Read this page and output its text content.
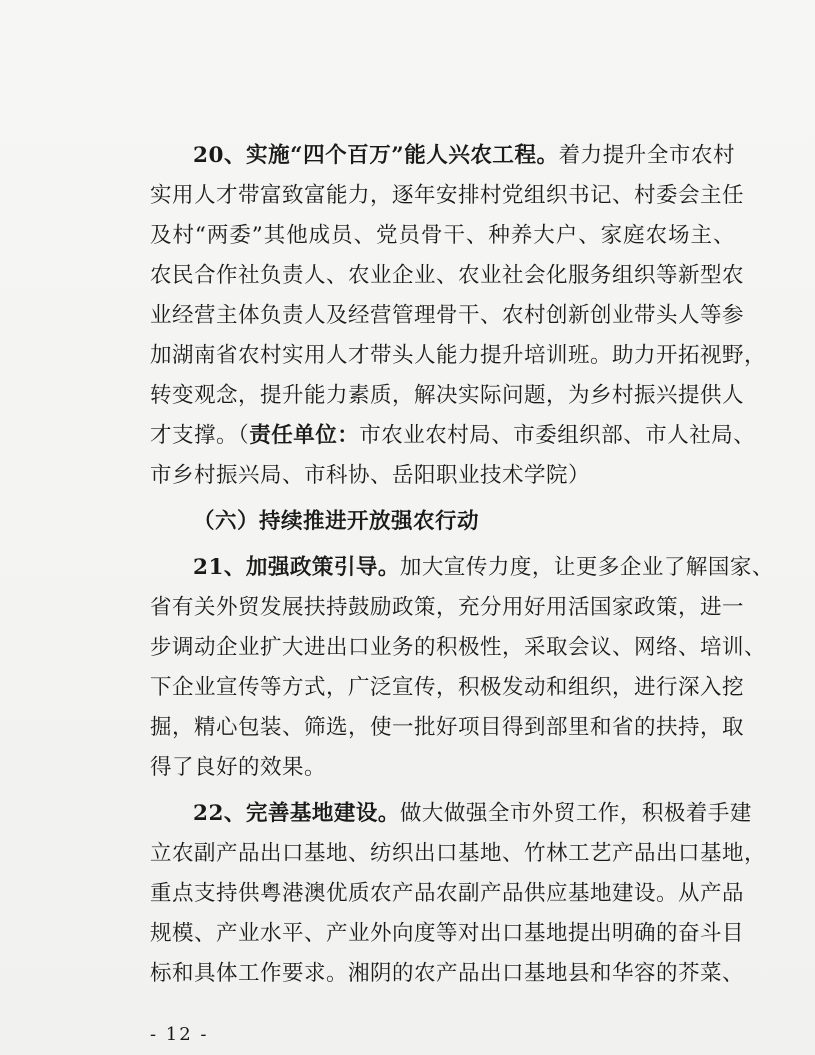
20、实施“四个百万”能人兴农工程。着力提升全市农村
实用人才带富致富能力，逐年安排村党组织书记、村委会主任
及村“两委”其他成员、党员骨干、种养大户、家庭农场主、
农民合作社负责人、农业企业、农业社会化服务组织等新型农
业经营主体负责人及经营管理骨干、农村创新创业带头人等参
加湖南省农村实用人才带头人能力提升培训班。助力开拓视野，
转变观念，提升能力素质，解决实际问题，为乡村振兴提供人
才支撑。（责任单位：市农业农村局、市委组织部、市人社局、
市乡村振兴局、市科协、岳阳职业技术学院）
（六）持续推进开放强农行动
21、加强政策引导。加大宣传力度，让更多企业了解国家、
省有关外贸发展扶持鼓励政策，充分用好用活国家政策，进一
步调动企业扩大进出口业务的积极性，采取会议、网络、培训、
下企业宣传等方式，广泛宣传，积极发动和组织，进行深入挖
掘，精心包装、筛选，使一批好项目得到部里和省的扶持，取
得了良好的效果。
22、完善基地建设。做大做强全市外贸工作，积极着手建
立农副产品出口基地、纺织出口基地、竹林工艺产品出口基地，
重点支持供粤港澳优质农产品农副产品供应基地建设。从产品
规模、产业水平、产业外向度等对出口基地提出明确的奋斗目
标和具体工作要求。湘阴的农产品出口基地县和华容的芥菜、
- 12 -
